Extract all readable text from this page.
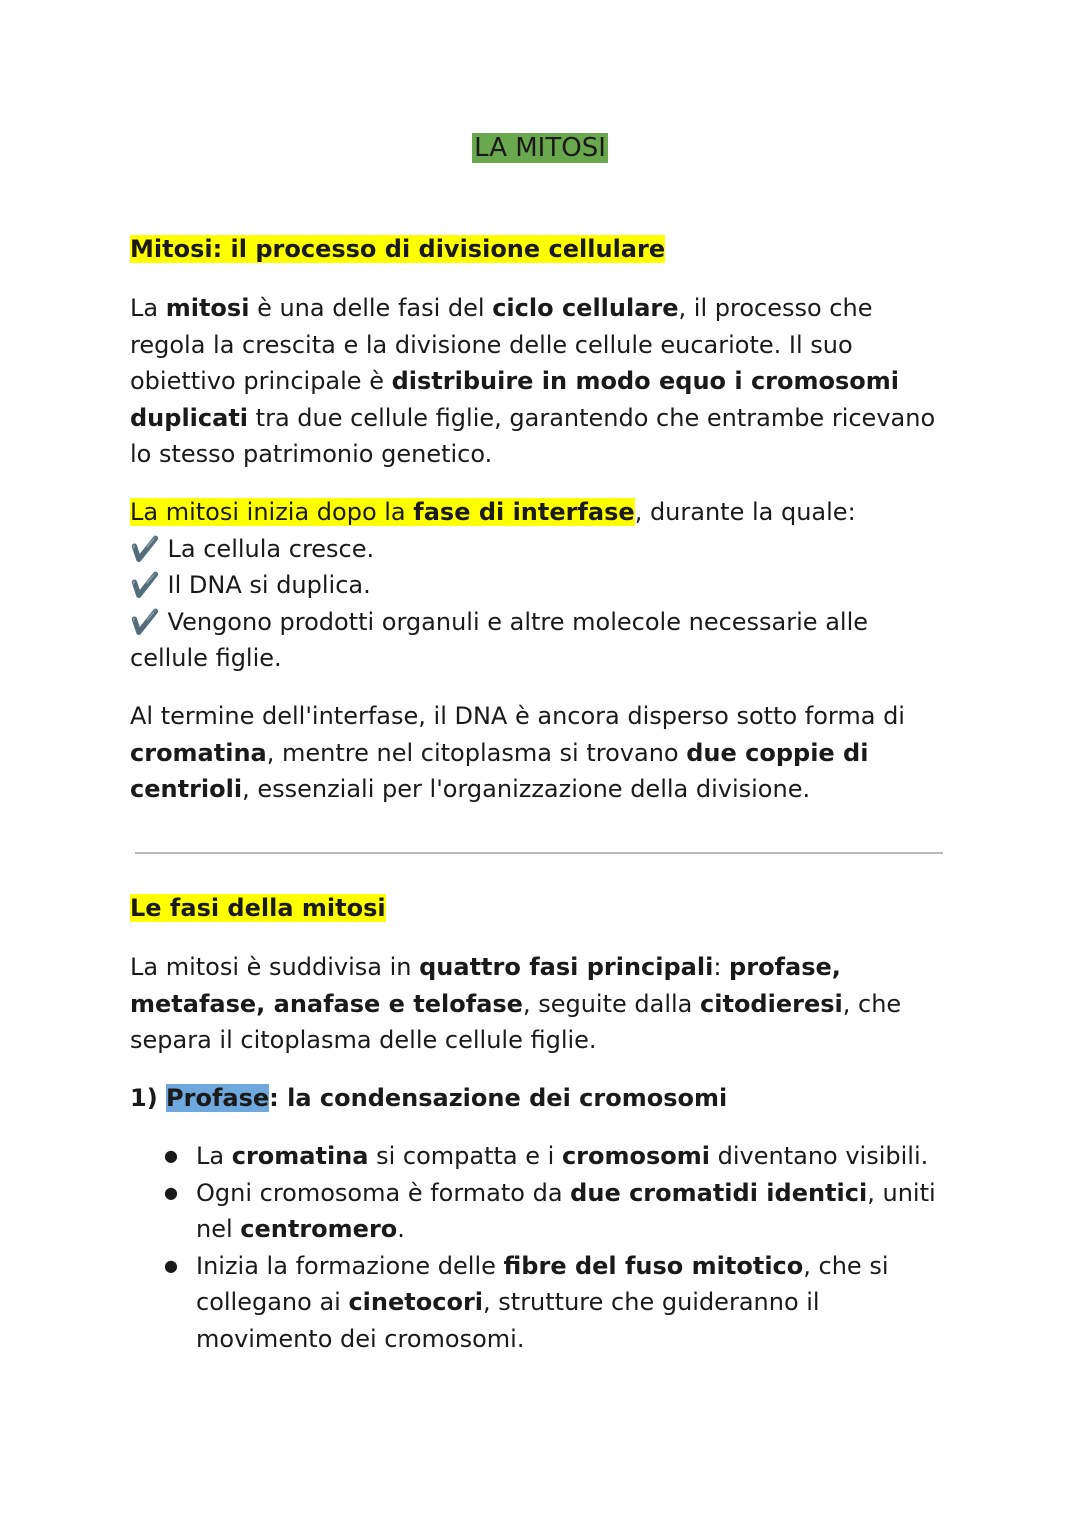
LA MITOSI
Mitosi: il processo di divisione cellulare

La mitosi è una delle fasi del ciclo cellulare, il processo che regola la crescita e la divisione delle cellule eucariote. Il suo obiettivo principale è distribuire in modo equo i cromosomi duplicati tra due cellule figlie, garantendo che entrambe ricevano lo stesso patrimonio genetico.

La mitosi inizia dopo la fase di interfase, durante la quale:

✔️ La cellula cresce.

✔️ Il DNA si duplica.

✔️ Vengono prodotti organuli e altre molecole necessarie alle cellule figlie.

Al termine dell'interfase, il DNA è ancora disperso sotto forma di cromatina, mentre nel citoplasma si trovano due coppie di centrioli, essenziali per l'organizzazione della divisione.

Le fasi della mitosi

La mitosi è suddivisa in quattro fasi principali: profase, metafase, anafase e telofase, seguite dalla citodieresi, che separa il citoplasma delle cellule figlie.

1) Profase: la condensazione dei cromosomi

● La cromatina si compatta e i cromosomi diventano visibili.
● Ogni cromosoma è formato da due cromatidi identici, uniti nel centromero.
● Inizia la formazione delle fibre del fuso mitotico, che si collegano ai cinetocori, strutture che guideranno il movimento dei cromosomi.
